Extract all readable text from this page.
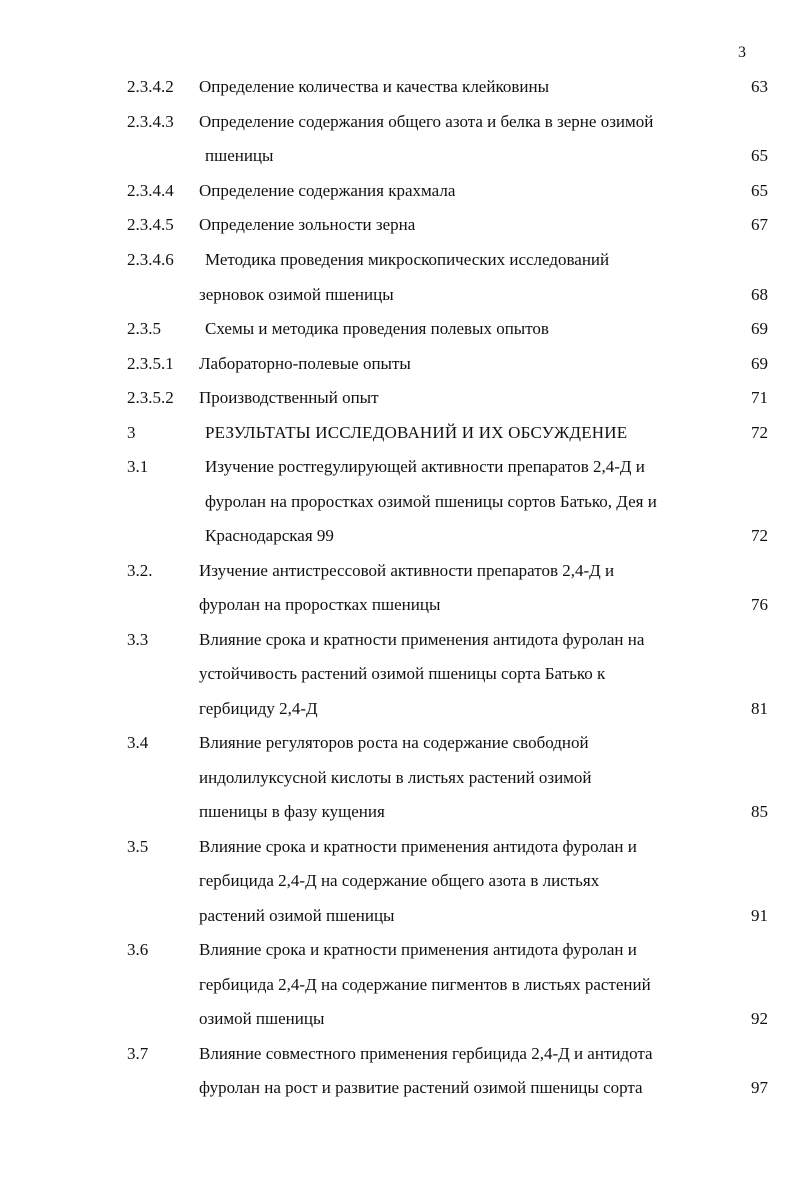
3
2.3.4.2 Определение количества и качества клейковины	63
2.3.4.3 Определение содержания общего азота и белка в зерне озимой
пшеницы	65
2.3.4.4 Определение содержания крахмала	65
2.3.4.5 Определение зольности зерна	67
2.3.4.6 Методика проведения микроскопических исследований
зерновок озимой пшеницы	68
2.3.5	Схемы и методика проведения полевых опытов	69
2.3.5.1 Лабораторно-полевые опыты	69
2.3.5.2 Производственный опыт	71
3	РЕЗУЛЬТАТЫ ИССЛЕДОВАНИЙ И ИХ ОБСУЖДЕНИЕ	72
3.1	Изучение ростregулирующей активности препаратов 2,4-Д и
фуролан на проростках озимой пшеницы сортов Батько, Дея и
Краснодарская 99	72
3.2.	Изучение антистрессовой активности препаратов 2,4-Д и
фуролан на проростках пшеницы	76
3.3	Влияние срока и кратности применения антидота фуролан на
устойчивость растений озимой пшеницы сорта Батько к
гербициду 2,4-Д	81
3.4	Влияние регуляторов роста на содержание свободной
индолилуксусной кислоты в листьях растений озимой
пшеницы в фазу кущения	85
3.5	Влияние срока и кратности применения антидота фуролан и
гербицида 2,4-Д на содержание общего азота в листьях
растений озимой пшеницы	91
3.6	Влияние срока и кратности применения антидота фуролан и
гербицида 2,4-Д на содержание пигментов в листьях растений
озимой пшеницы	92
3.7	Влияние совместного применения гербицида 2,4-Д и антидота
фуролан на рост и развитие растений озимой пшеницы сорта	97
